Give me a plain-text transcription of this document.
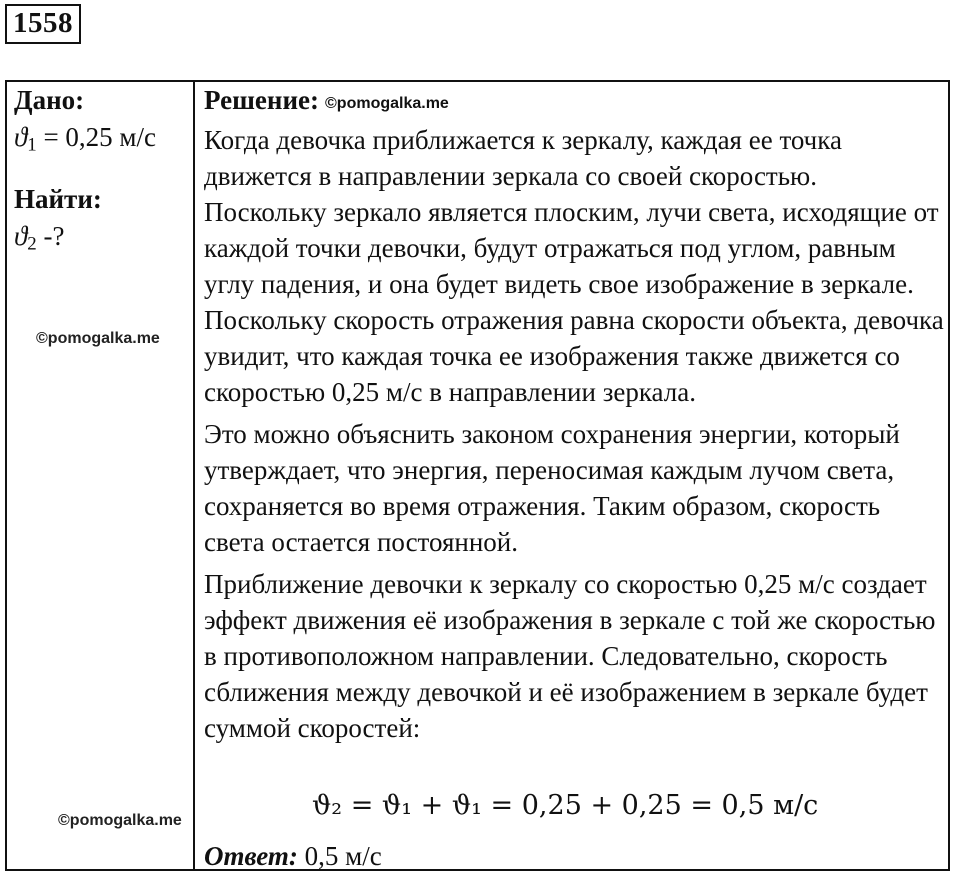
1558
Дано:
$ϑ_1 = 0,25$ м/с
Найти:
$ϑ_2$ -?
©pomogalka.me
©pomogalka.me
Решение: ©pomogalka.me

Когда девочка приближается к зеркалу, каждая ее точка движется в направлении зеркала со своей скоростью. Поскольку зеркало является плоским, лучи света, исходящие от каждой точки девочки, будут отражаться под углом, равным углу падения, и она будет видеть свое изображение в зеркале. Поскольку скорость отражения равна скорости объекта, девочка увидит, что каждая точка ее изображения также движется со скоростью 0,25 м/с в направлении зеркала.

Это можно объяснить законом сохранения энергии, который утверждает, что энергия, переносимая каждым лучом света, сохраняется во время отражения. Таким образом, скорость света остается постоянной.

Приближение девочки к зеркалу со скоростью 0,25 м/с создает эффект движения её изображения в зеркале с той же скоростью в противоположном направлении. Следовательно, скорость сближения между девочкой и её изображением в зеркале будет суммой скоростей:

ϑ₂ = ϑ₁ + ϑ₁ = 0,25 + 0,25 = 0,5 м/с
Ответ: 0,5 м/с
